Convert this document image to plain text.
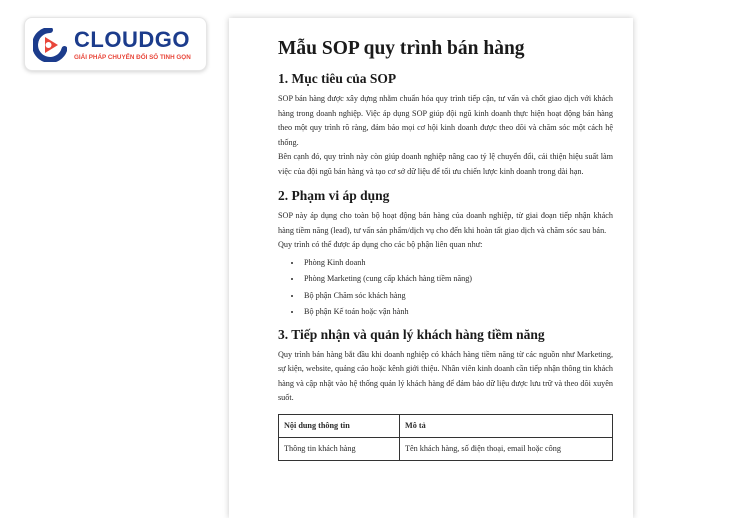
CLOUDGO
GIẢI PHÁP CHUYỂN ĐỔI SỐ TINH GỌN	Mẫu SOP quy trình bán hàng
1. Mục tiêu của SOP

SOP bán hàng được xây dựng nhằm chuẩn hóa quy trình tiếp cận, tư vấn và chốt giao dịch với khách hàng trong doanh nghiệp. Việc áp dụng SOP giúp đội ngũ kinh doanh thực hiện hoạt động bán hàng theo một quy trình rõ ràng, đảm bảo mọi cơ hội kinh doanh được theo dõi và chăm sóc một cách hệ thống.

Bên cạnh đó, quy trình này còn giúp doanh nghiệp nâng cao tỷ lệ chuyển đổi, cải thiện hiệu suất làm việc của đội ngũ bán hàng và tạo cơ sở dữ liệu để tối ưu chiến lược kinh doanh trong dài hạn.

2. Phạm vi áp dụng

SOP này áp dụng cho toàn bộ hoạt động bán hàng của doanh nghiệp, từ giai đoạn tiếp nhận khách hàng tiềm năng (lead), tư vấn sản phẩm/dịch vụ cho đến khi hoàn tất giao dịch và chăm sóc sau bán.

Quy trình có thể được áp dụng cho các bộ phận liên quan như:

• Phòng Kinh doanh
• Phòng Marketing (cung cấp khách hàng tiềm năng)
• Bộ phận Chăm sóc khách hàng
• Bộ phận Kế toán hoặc vận hành
3. Tiếp nhận và quản lý khách hàng tiềm năng

Quy trình bán hàng bắt đầu khi doanh nghiệp có khách hàng tiềm năng từ các nguồn như Marketing, sự kiện, website, quảng cáo hoặc kênh giới thiệu. Nhân viên kinh doanh cần tiếp nhận thông tin khách hàng và cập nhật vào hệ thống quản lý khách hàng để đảm bảo dữ liệu được lưu trữ và theo dõi xuyên suốt.

Nội dung thông tin	Mô tả
Thông tin khách hàng	Tên khách hàng, số điện thoại, email hoặc công
